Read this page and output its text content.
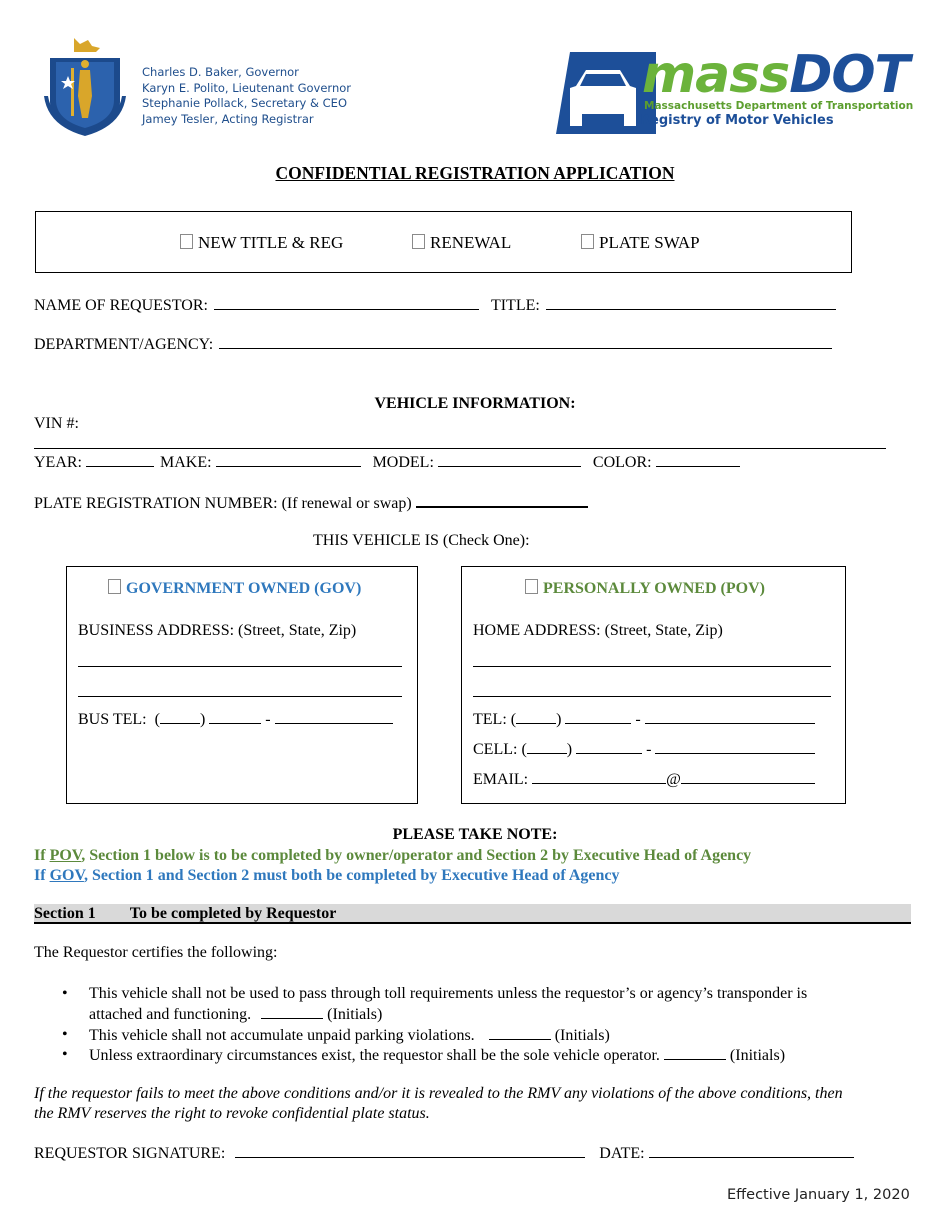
Charles D. Baker, Governor
Karyn E. Polito, Lieutenant Governor
Stephanie Pollack, Secretary & CEO
Jamey Tesler, Acting Registrar
massDOT
Massachusetts Department of Transportation
Registry of Motor Vehicles
CONFIDENTIAL REGISTRATION APPLICATION
NEW TITLE & REG	RENEWAL	PLATE SWAP
NAME OF REQUESTOR:	TITLE:
DEPARTMENT/AGENCY:
VEHICLE INFORMATION:
VIN #:
YEAR:	MAKE:	MODEL:	COLOR:
PLATE REGISTRATION NUMBER: (If renewal or swap)
THIS VEHICLE IS (Check One):
GOVERNMENT OWNED (GOV)
BUSINESS ADDRESS: (Street, State, Zip)
BUS TEL: (	)	-
PERSONALLY OWNED (POV)
HOME ADDRESS: (Street, State, Zip)
TEL: (	)	-
CELL: (	)	-
EMAIL:	@
PLEASE TAKE NOTE:
If POV, Section 1 below is to be completed by owner/operator and Section 2 by Executive Head of Agency
If GOV, Section 1 and Section 2 must both be completed by Executive Head of Agency
Section 1 To be completed by Requestor
The Requestor certifies the following:
• This vehicle shall not be used to pass through toll requirements unless the requestor’s or agency’s transponder is
attached and functioning.	(Initials)
• This vehicle shall not accumulate unpaid parking violations.	(Initials)
• Unless extraordinary circumstances exist, the requestor shall be the sole vehicle operator.	(Initials)
If the requestor fails to meet the above conditions and/or it is revealed to the RMV any violations of the above conditions, then
the RMV reserves the right to revoke confidential plate status.
REQUESTOR SIGNATURE:	DATE:
Effective January 1, 2020
